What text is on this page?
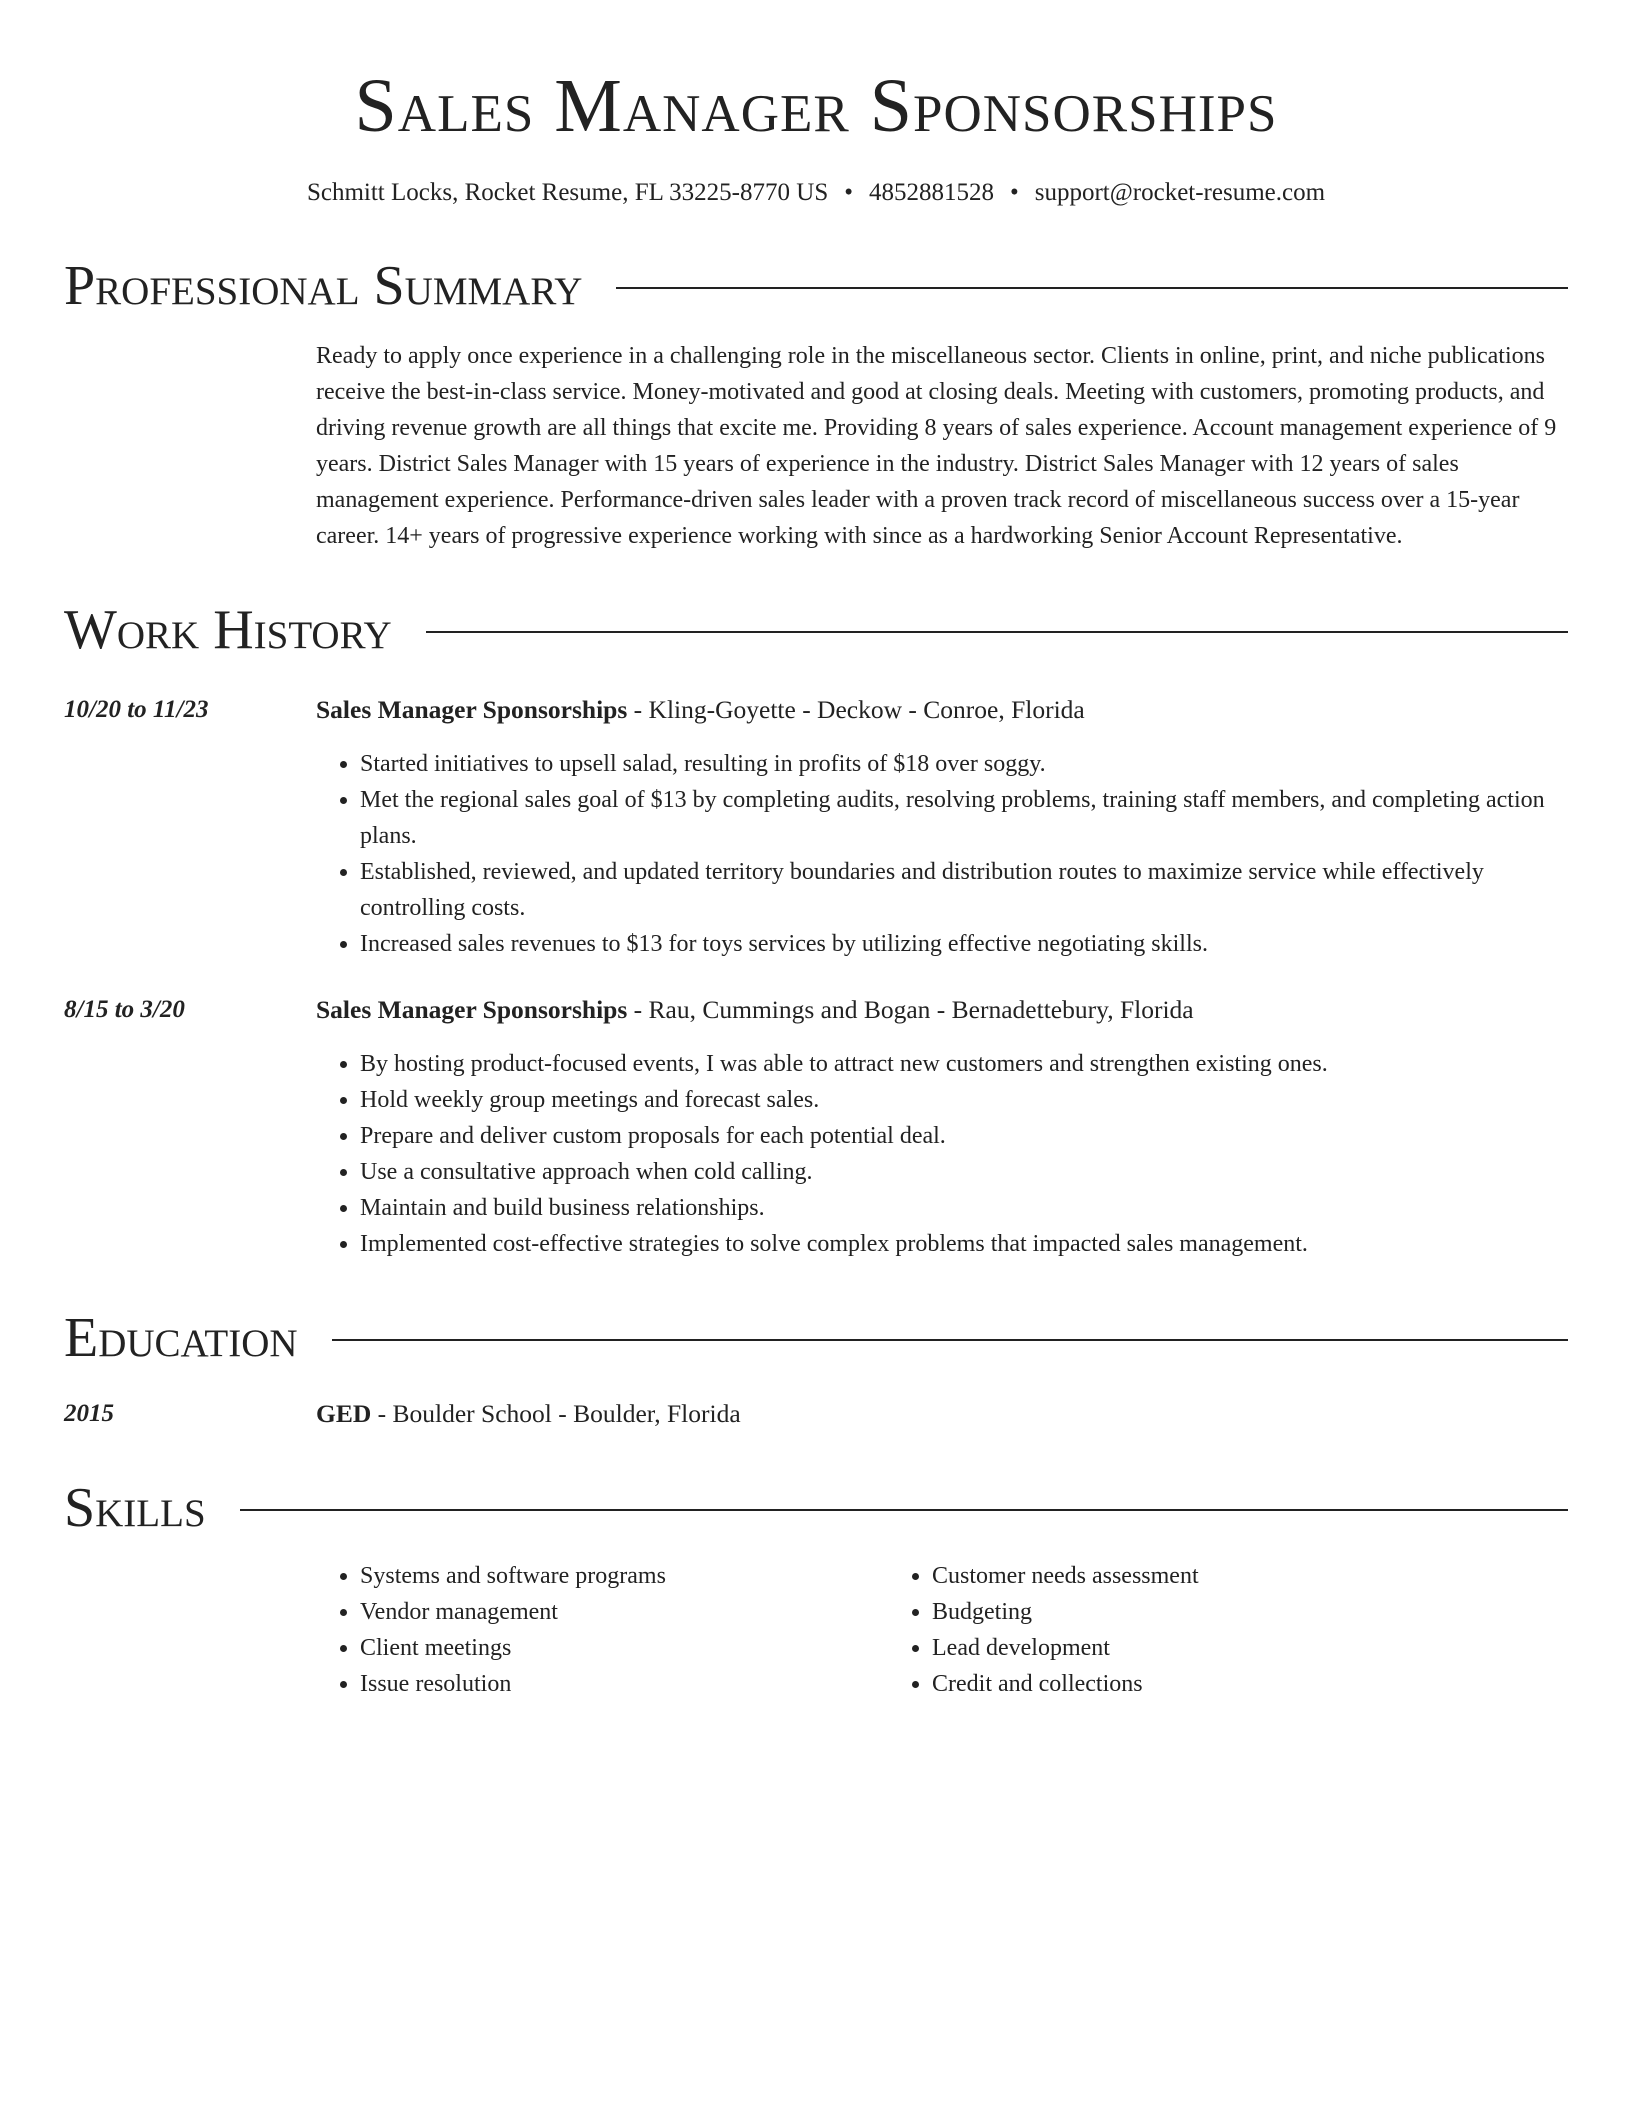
Sales Manager Sponsorships
Schmitt Locks, Rocket Resume, FL 33225-8770 US • 4852881528 • support@rocket-resume.com
Professional Summary
Ready to apply once experience in a challenging role in the miscellaneous sector. Clients in online, print, and niche publications receive the best-in-class service. Money-motivated and good at closing deals. Meeting with customers, promoting products, and driving revenue growth are all things that excite me. Providing 8 years of sales experience. Account management experience of 9 years. District Sales Manager with 15 years of experience in the industry. District Sales Manager with 12 years of sales management experience. Performance-driven sales leader with a proven track record of miscellaneous success over a 15-year career. 14+ years of progressive experience working with since as a hardworking Senior Account Representative.
Work History
10/20 to 11/23	Sales Manager Sponsorships - Kling-Goyette - Deckow - Conroe, Florida
• Started initiatives to upsell salad, resulting in profits of $18 over soggy.
• Met the regional sales goal of $13 by completing audits, resolving problems, training staff members, and completing action plans.
• Established, reviewed, and updated territory boundaries and distribution routes to maximize service while effectively controlling costs.
• Increased sales revenues to $13 for toys services by utilizing effective negotiating skills.
8/15 to 3/20	Sales Manager Sponsorships - Rau, Cummings and Bogan - Bernadettebury, Florida
• By hosting product-focused events, I was able to attract new customers and strengthen existing ones.
• Hold weekly group meetings and forecast sales.
• Prepare and deliver custom proposals for each potential deal.
• Use a consultative approach when cold calling.
• Maintain and build business relationships.
• Implemented cost-effective strategies to solve complex problems that impacted sales management.
Education
2015	GED - Boulder School - Boulder, Florida
Skills
• Systems and software programs
• Vendor management
• Client meetings
• Issue resolution
• Customer needs assessment
• Budgeting
• Lead development
• Credit and collections
